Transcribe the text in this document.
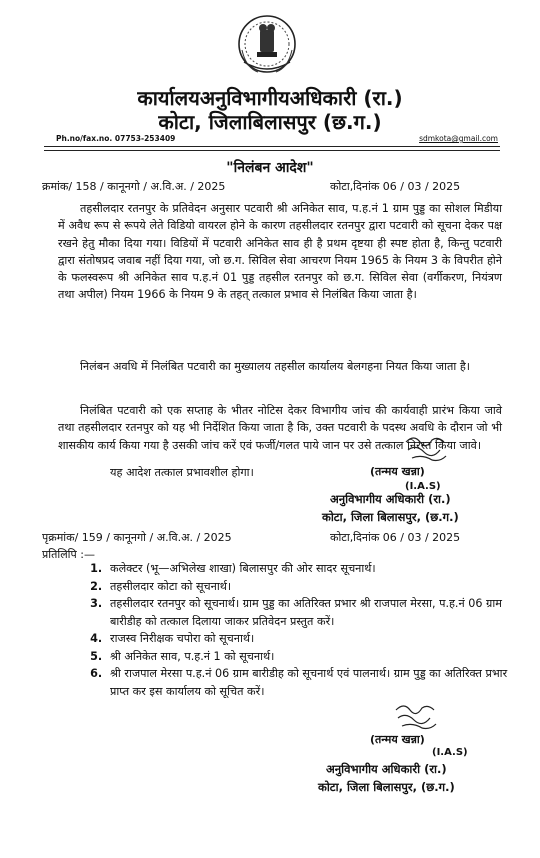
कार्यालयअनुविभागीयअधिकारी (रा.)
कोटा, जिलाबिलासपुर (छ.ग.)
Ph.no/fax.no. 07753-253409	sdmkota@gmail.com
"निलंबन आदेश"
क्रमांक/ 158 / कानूनगो / अ.वि.अ. / 2025	कोटा,दिनांक 06 / 03 / 2025

तहसीलदार रतनपुर के प्रतिवेदन अनुसार पटवारी श्री अनिकेत साव, प.ह.नं 1 ग्राम पुड्ड का सोशल मिडीया में अवैध रूप से रूपये लेते विडियो वायरल होने के कारण तहसीलदार रतनपुर द्वारा पटवारी को सूचना देकर पक्ष रखने हेतु मौका दिया गया। विडियों में पटवारी अनिकेत साव ही है प्रथम दृष्टया ही स्पष्ट होता है, किन्तु पटवारी द्वारा संतोषप्रद जवाब नहीं दिया गया, जो छ.ग. सिविल सेवा आचरण नियम 1965 के नियम 3 के विपरीत होने के फलस्वरूप श्री अनिकेत साव प.ह.नं 01 पुड्ड तहसील रतनपुर को छ.ग. सिविल सेवा (वर्गीकरण, नियंत्रण तथा अपील) नियम 1966 के नियम 9 के तहत् तत्काल प्रभाव से निलंबित किया जाता है।

निलंबन अवधि में निलंबित पटवारी का मुख्यालय तहसील कार्यालय बेलगहना नियत किया जाता है।

निलंबित पटवारी को एक सप्ताह के भीतर नोटिस देकर विभागीय जांच की कार्यवाही प्रारंभ किया जावे तथा तहसीलदार रतनपुर को यह भी निर्देशित किया जाता है कि, उक्त पटवारी के पदस्थ अवधि के दौरान जो भी शासकीय कार्य किया गया है उसकी जांच करें एवं फर्जी/गलत पाये जान पर उसे तत्काल निरस्त किया जावे।

यह आदेश तत्काल प्रभावशील होगा।	(तन्मय खन्ना)
(I.A.S)
अनुविभागीय अधिकारी (रा.)
कोटा, जिला बिलासपुर, (छ.ग.)
पृक्रमांक/ 159 / कानूनगो / अ.वि.अ. / 2025	कोटा,दिनांक 06 / 03 / 2025
प्रतिलिपि :—
1. कलेक्टर (भू—अभिलेख शाखा) बिलासपुर की ओर सादर सूचनार्थ।
2. तहसीलदार कोटा को सूचनार्थ।
3. तहसीलदार रतनपुर को सूचनार्थ। ग्राम पुड्ड का अतिरिक्त प्रभार श्री राजपाल मेरसा, प.ह.नं 06 ग्राम बारीडीह को तत्काल दिलाया जाकर प्रतिवेदन प्रस्तुत करें।
4. राजस्व निरीक्षक चपोरा को सूचनार्थ।
5. श्री अनिकेत साव, प.ह.नं 1 को सूचनार्थ।
6. श्री राजपाल मेरसा प.ह.नं 06 ग्राम बारीडीह को सूचनार्थ एवं पालनार्थ। ग्राम पुड्ड का अतिरिक्त प्रभार प्राप्त कर इस कार्यालय को सूचित करें।
(तन्मय खन्ना)
(I.A.S)
अनुविभागीय अधिकारी (रा.)
कोटा, जिला बिलासपुर, (छ.ग.)
